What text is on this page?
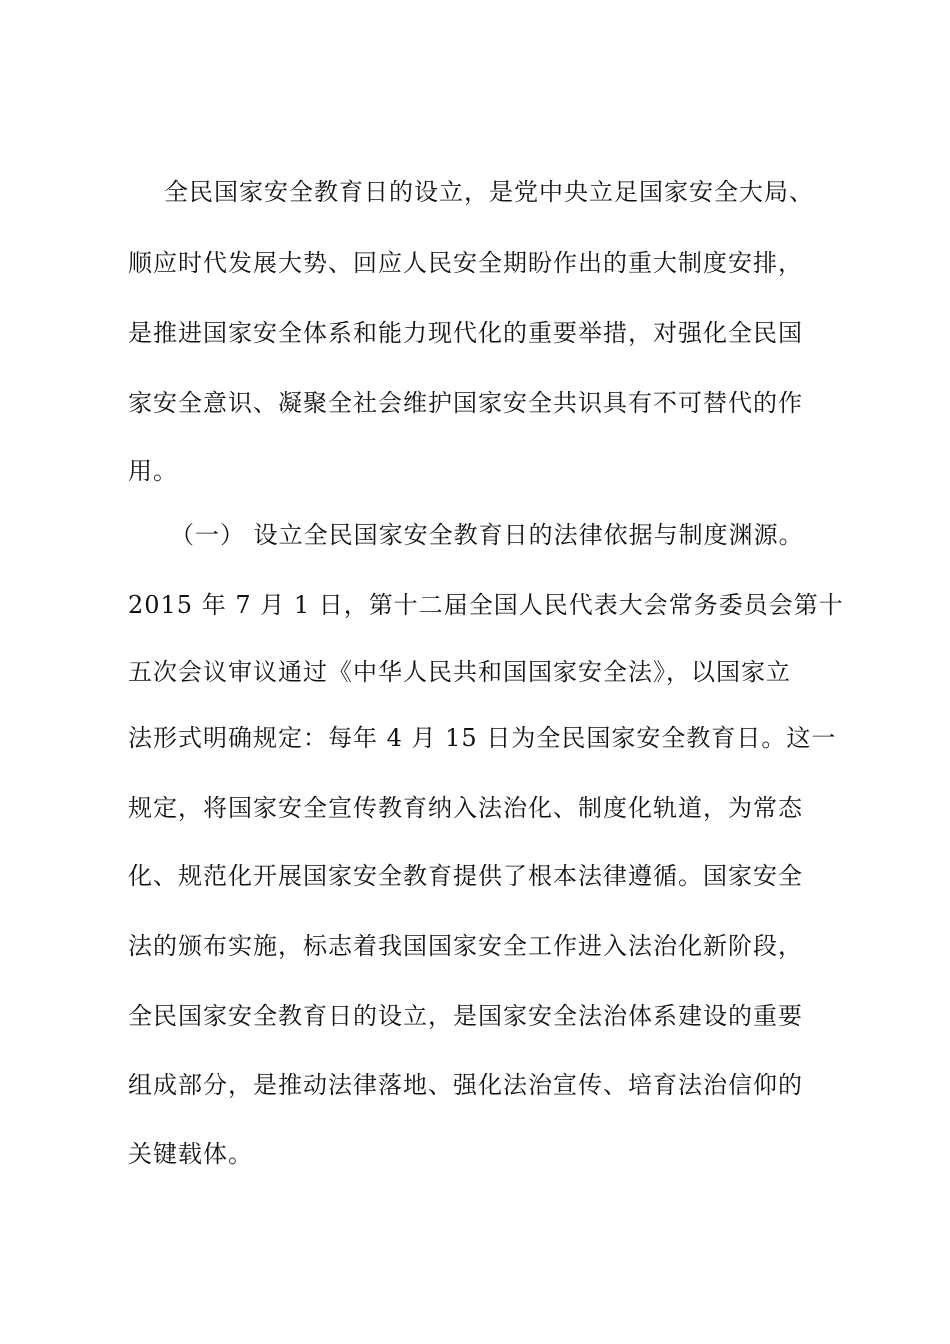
全民国家安全教育日的设立，是党中央立足国家安全大局、
顺应时代发展大势、回应人民安全期盼作出的重大制度安排，
是推进国家安全体系和能力现代化的重要举措，对强化全民国
家安全意识、凝聚全社会维护国家安全共识具有不可替代的作
用。
（一） 设立全民国家安全教育日的法律依据与制度渊源。
2015 年 7 月 1 日，第十二届全国人民代表大会常务委员会第十
五次会议审议通过《中华人民共和国国家安全法》，以国家立
法形式明确规定：每年 4 月 15 日为全民国家安全教育日。这一
规定，将国家安全宣传教育纳入法治化、制度化轨道，为常态
化、规范化开展国家安全教育提供了根本法律遵循。国家安全
法的颁布实施，标志着我国国家安全工作进入法治化新阶段，
全民国家安全教育日的设立，是国家安全法治体系建设的重要
组成部分，是推动法律落地、强化法治宣传、培育法治信仰的
关键载体。
